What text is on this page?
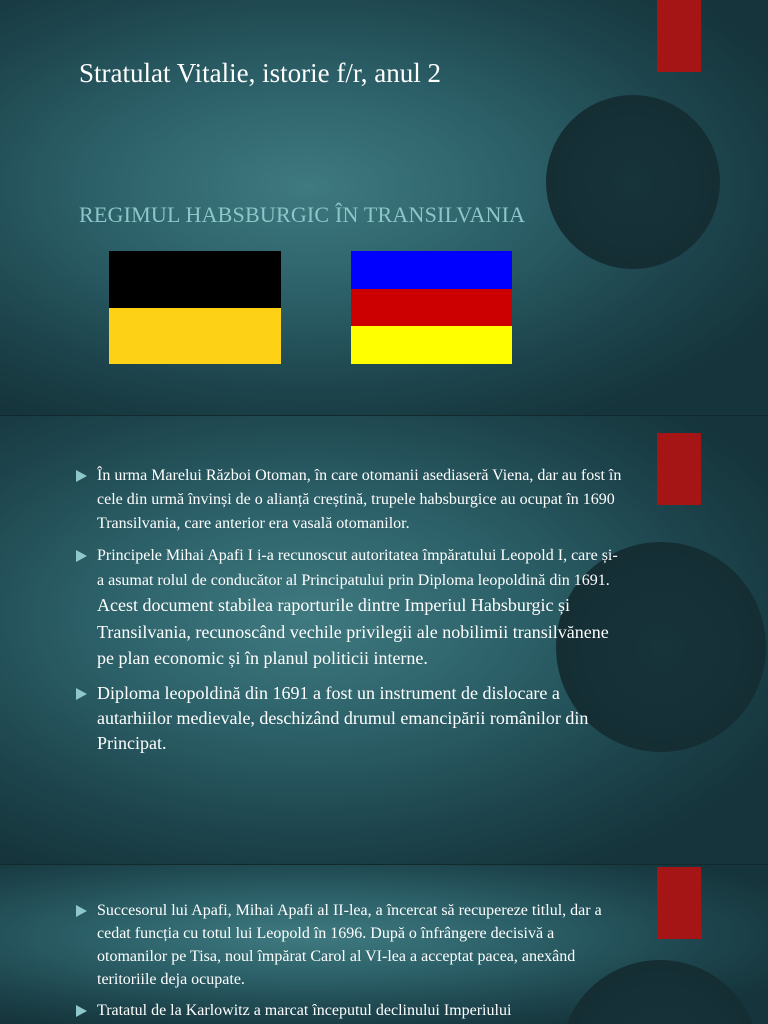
Stratulat Vitalie, istorie f/r, anul 2
REGIMUL HABSBURGIC ÎN TRANSILVANIA
În urma Marelui Război Otoman, în care otomanii asediaseră Viena, dar au fost în cele din urmă învinși de o alianță creștină, trupele habsburgice au ocupat în 1690 Transilvania, care anterior era vasală otomanilor.
Principele Mihai Apafi I i-a recunoscut autoritatea împăratului Leopold I, care și-a asumat rolul de conducător al Principatului prin Diploma leopoldină din 1691. Acest document stabilea raporturile dintre Imperiul Habsburgic și Transilvania, recunoscând vechile privilegii ale nobilimii transilvănene pe plan economic și în planul politicii interne.
Diploma leopoldină din 1691 a fost un instrument de dislocare a autarhiilor medievale, deschizând drumul emancipării românilor din Principat.
Succesorul lui Apafi, Mihai Apafi al II-lea, a încercat să recupereze titlul, dar a cedat funcția cu totul lui Leopold în 1696. După o înfrângere decisivă a otomanilor pe Tisa, noul împărat Carol al VI-lea a acceptat pacea, anexând teritoriile deja ocupate.
Tratatul de la Karlowitz a marcat începutul declinului Imperiului
